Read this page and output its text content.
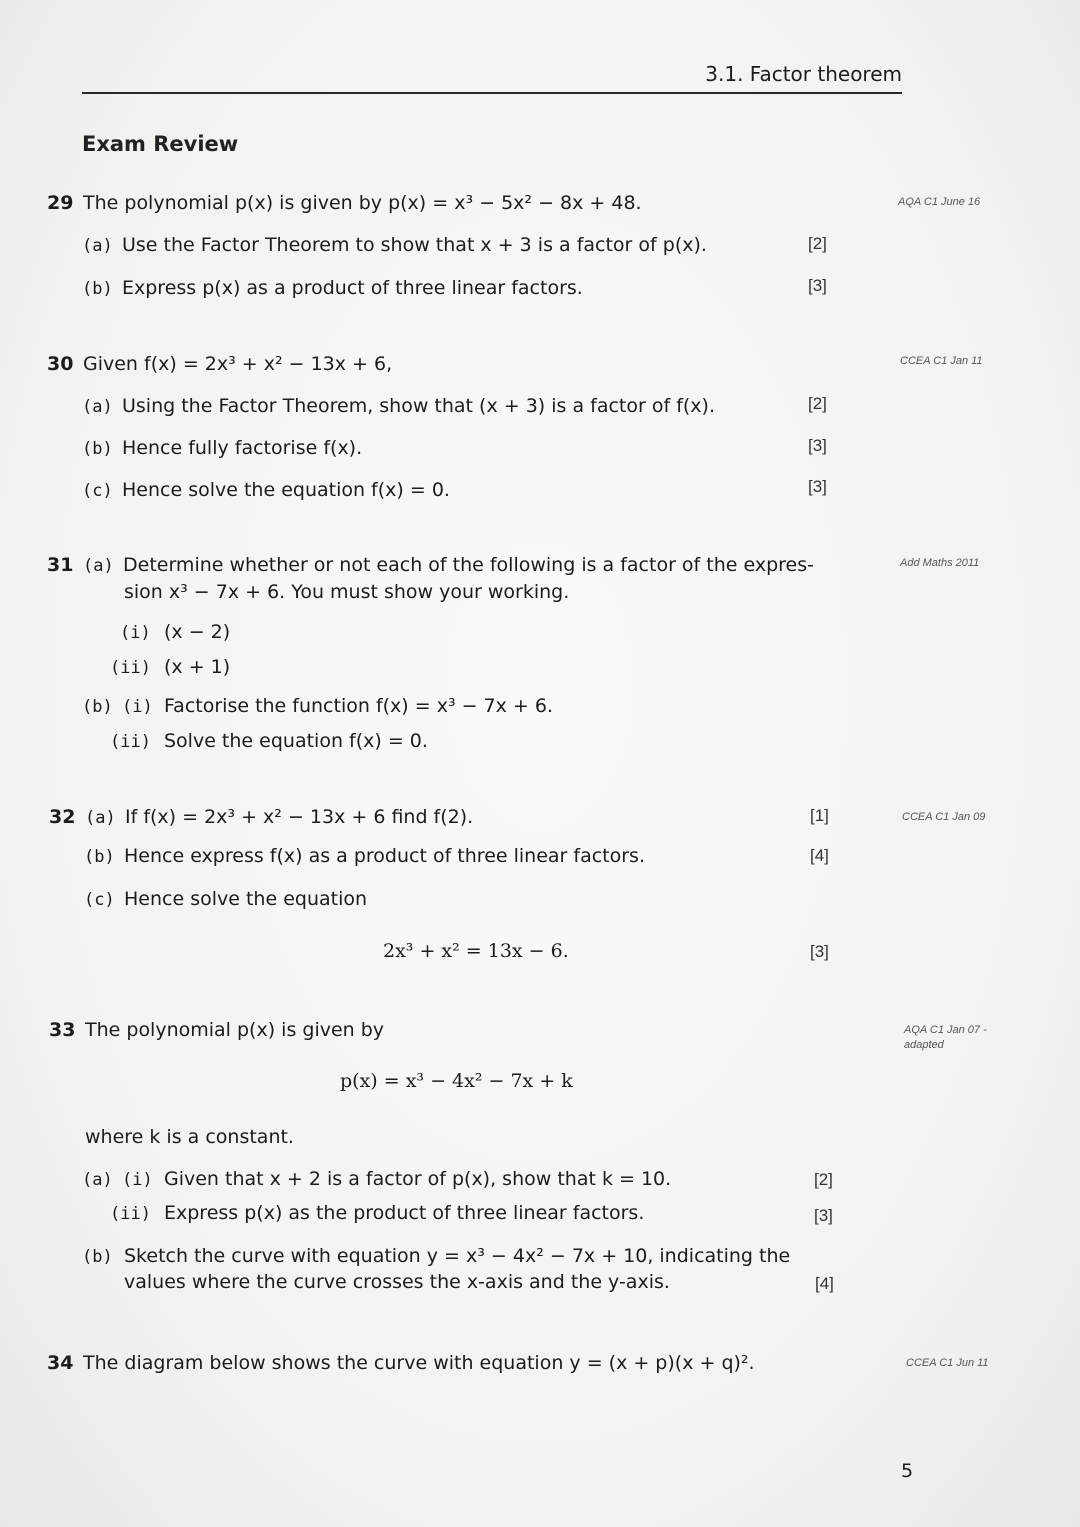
3.1. Factor theorem
Exam Review
29 The polynomial p(x) is given by p(x) = x³ − 5x² − 8x + 48.	AQA C1 June 16
(a) Use the Factor Theorem to show that x + 3 is a factor of p(x).	[2]
(b) Express p(x) as a product of three linear factors.	[3]
30 Given f(x) = 2x³ + x² − 13x + 6,	CCEA C1 Jan 11
(a) Using the Factor Theorem, show that (x + 3) is a factor of f(x).	[2]
(b) Hence fully factorise f(x).	[3]
(c) Hence solve the equation f(x) = 0.	[3]
31 (a) Determine whether or not each of the following is a factor of the expres-	Add Maths 2011
sion x³ − 7x + 6. You must show your working.
(i) (x − 2)
(ii) (x + 1)
(b) (i) Factorise the function f(x) = x³ − 7x + 6.
(ii) Solve the equation f(x) = 0.
32 (a) If f(x) = 2x³ + x² − 13x + 6 find f(2).	[1]	CCEA C1 Jan 09
(b) Hence express f(x) as a product of three linear factors.	[4]
(c) Hence solve the equation
2x³ + x² = 13x − 6.	[3]
33 The polynomial p(x) is given by	AQA C1 Jan 07 - adapted
p(x) = x³ − 4x² − 7x + k
where k is a constant.
(a) (i) Given that x + 2 is a factor of p(x), show that k = 10.	[2]
(ii) Express p(x) as the product of three linear factors.	[3]
(b) Sketch the curve with equation y = x³ − 4x² − 7x + 10, indicating the
values where the curve crosses the x-axis and the y-axis.	[4]
34 The diagram below shows the curve with equation y = (x + p)(x + q)².	CCEA C1 Jun 11
5
